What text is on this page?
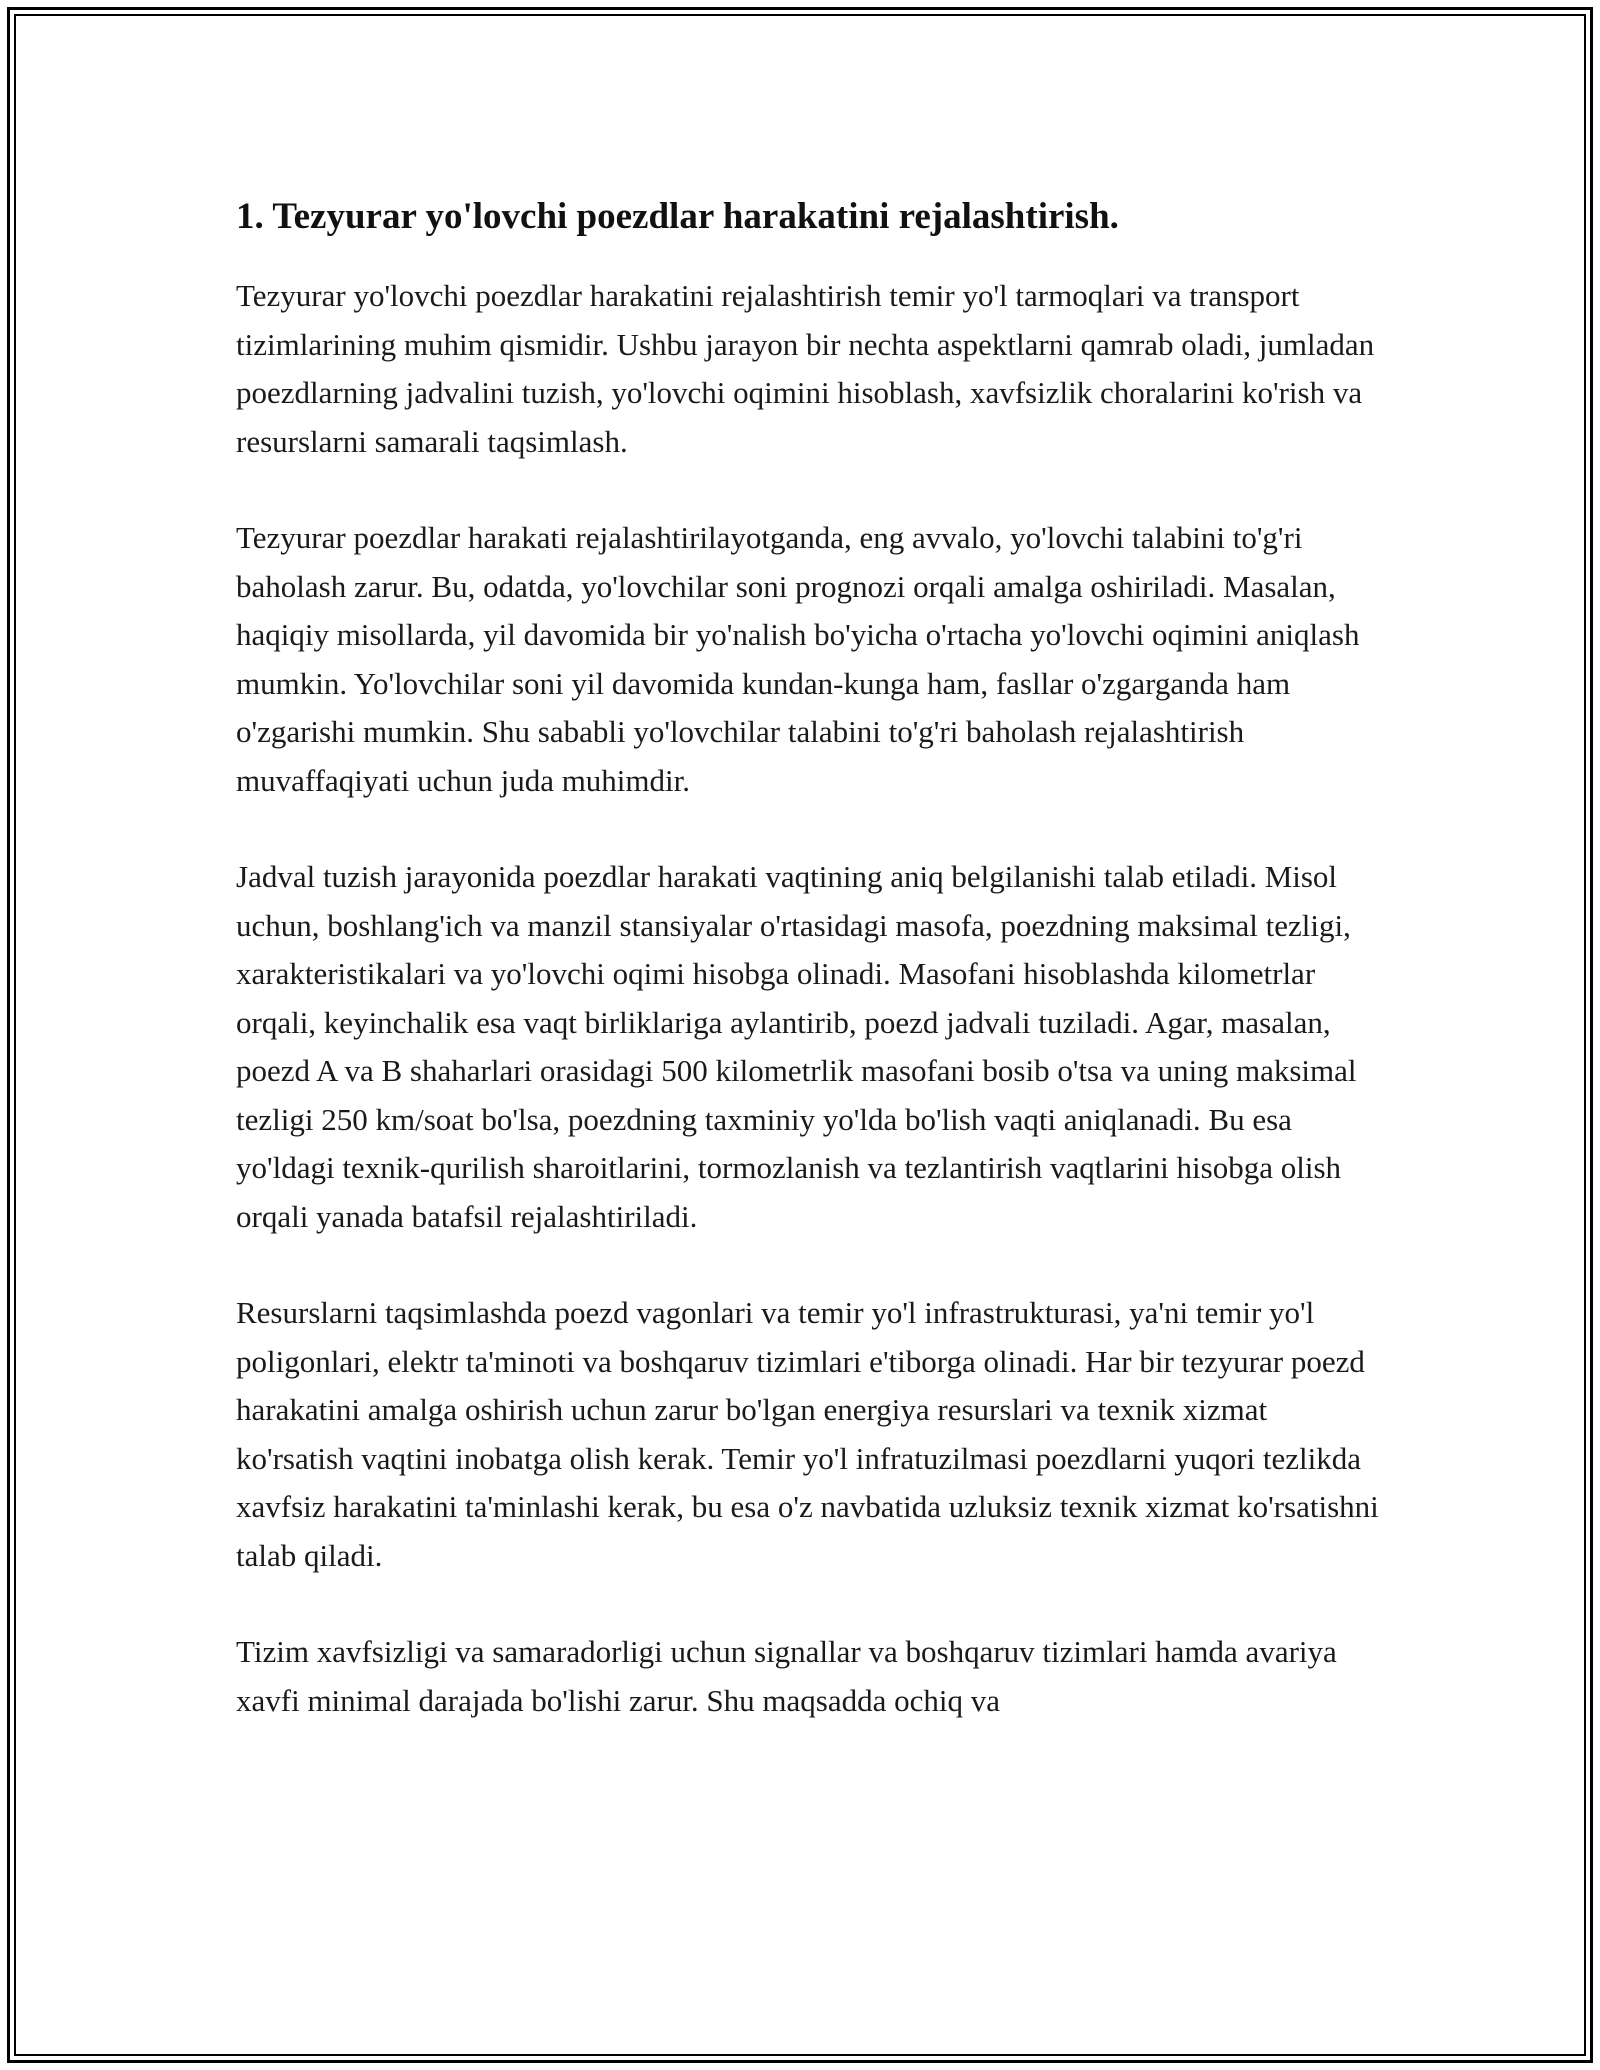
1. Tezyurar yo'lovchi poezdlar harakatini rejalashtirish.

Tezyurar yo'lovchi poezdlar harakatini rejalashtirish temir yo'l tarmoqlari va transport tizimlarining muhim qismidir. Ushbu jarayon bir nechta aspektlarni qamrab oladi, jumladan poezdlarning jadvalini tuzish, yo'lovchi oqimini hisoblash, xavfsizlik choralarini ko'rish va resurslarni samarali taqsimlash.

Tezyurar poezdlar harakati rejalashtirilayotganda, eng avvalo, yo'lovchi talabini to'g'ri baholash zarur. Bu, odatda, yo'lovchilar soni prognozi orqali amalga oshiriladi. Masalan, haqiqiy misollarda, yil davomida bir yo'nalish bo'yicha o'rtacha yo'lovchi oqimini aniqlash mumkin. Yo'lovchilar soni yil davomida kundan-kunga ham, fasllar o'zgarganda ham o'zgarishi mumkin. Shu sababli yo'lovchilar talabini to'g'ri baholash rejalashtirish muvaffaqiyati uchun juda muhimdir.

Jadval tuzish jarayonida poezdlar harakati vaqtining aniq belgilanishi talab etiladi. Misol uchun, boshlang'ich va manzil stansiyalar o'rtasidagi masofa, poezdning maksimal tezligi, xarakteristikalari va yo'lovchi oqimi hisobga olinadi. Masofani hisoblashda kilometrlar orqali, keyinchalik esa vaqt birliklariga aylantirib, poezd jadvali tuziladi. Agar, masalan, poezd A va B shaharlari orasidagi 500 kilometrlik masofani bosib o'tsa va uning maksimal tezligi 250 km/soat bo'lsa, poezdning taxminiy yo'lda bo'lish vaqti aniqlanadi. Bu esa yo'ldagi texnik-qurilish sharoitlarini, tormozlanish va tezlantirish vaqtlarini hisobga olish orqali yanada batafsil rejalashtiriladi.

Resurslarni taqsimlashda poezd vagonlari va temir yo'l infrastrukturasi, ya'ni temir yo'l poligonlari, elektr ta'minoti va boshqaruv tizimlari e'tiborga olinadi. Har bir tezyurar poezd harakatini amalga oshirish uchun zarur bo'lgan energiya resurslari va texnik xizmat ko'rsatish vaqtini inobatga olish kerak. Temir yo'l infratuzilmasi poezdlarni yuqori tezlikda xavfsiz harakatini ta'minlashi kerak, bu esa o'z navbatida uzluksiz texnik xizmat ko'rsatishni talab qiladi.

Tizim xavfsizligi va samaradorligi uchun signallar va boshqaruv tizimlari hamda avariya xavfi minimal darajada bo'lishi zarur. Shu maqsadda ochiq va
